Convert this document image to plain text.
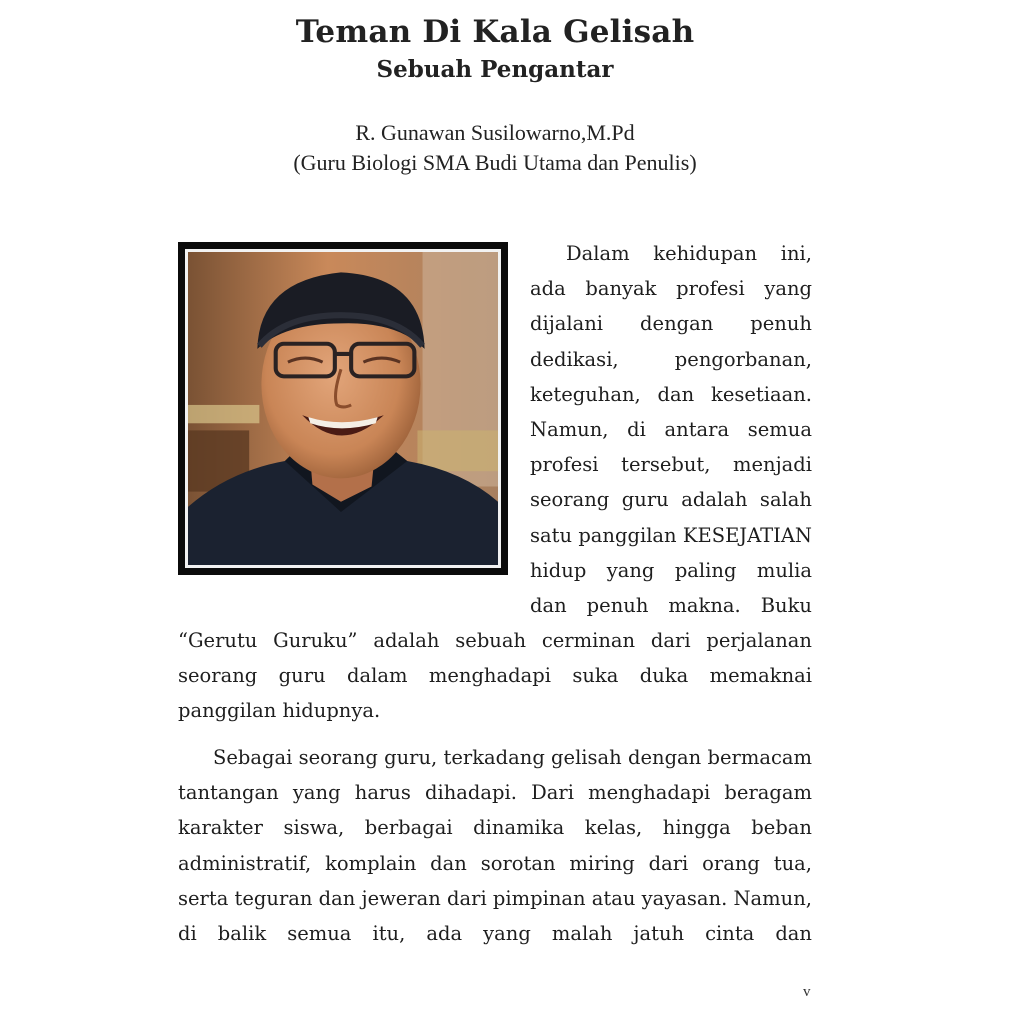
Teman Di Kala Gelisah
Sebuah Pengantar
R. Gunawan Susilowarno,M.Pd
(Guru Biologi SMA Budi Utama dan Penulis)

Dalam kehidupan ini, ada banyak profesi yang dijalani dengan penuh dedikasi, pengorbanan, keteguhan, dan kesetiaan. Namun, di antara semua profesi tersebut, menjadi seorang guru adalah salah satu panggilan KESEJATIAN hidup yang paling mulia dan penuh makna. Buku

“Gerutu Guruku” adalah sebuah cerminan dari perjalanan seorang guru dalam menghadapi suka duka memaknai panggilan hidupnya.

Sebagai seorang guru, terkadang gelisah dengan bermacam tantangan yang harus dihadapi. Dari menghadapi beragam karakter siswa, berbagai dinamika kelas, hingga beban administratif, komplain dan sorotan miring dari orang tua, serta teguran dan jeweran dari pimpinan atau yayasan. Namun, di balik semua itu, ada yang malah jatuh cinta dan

v
